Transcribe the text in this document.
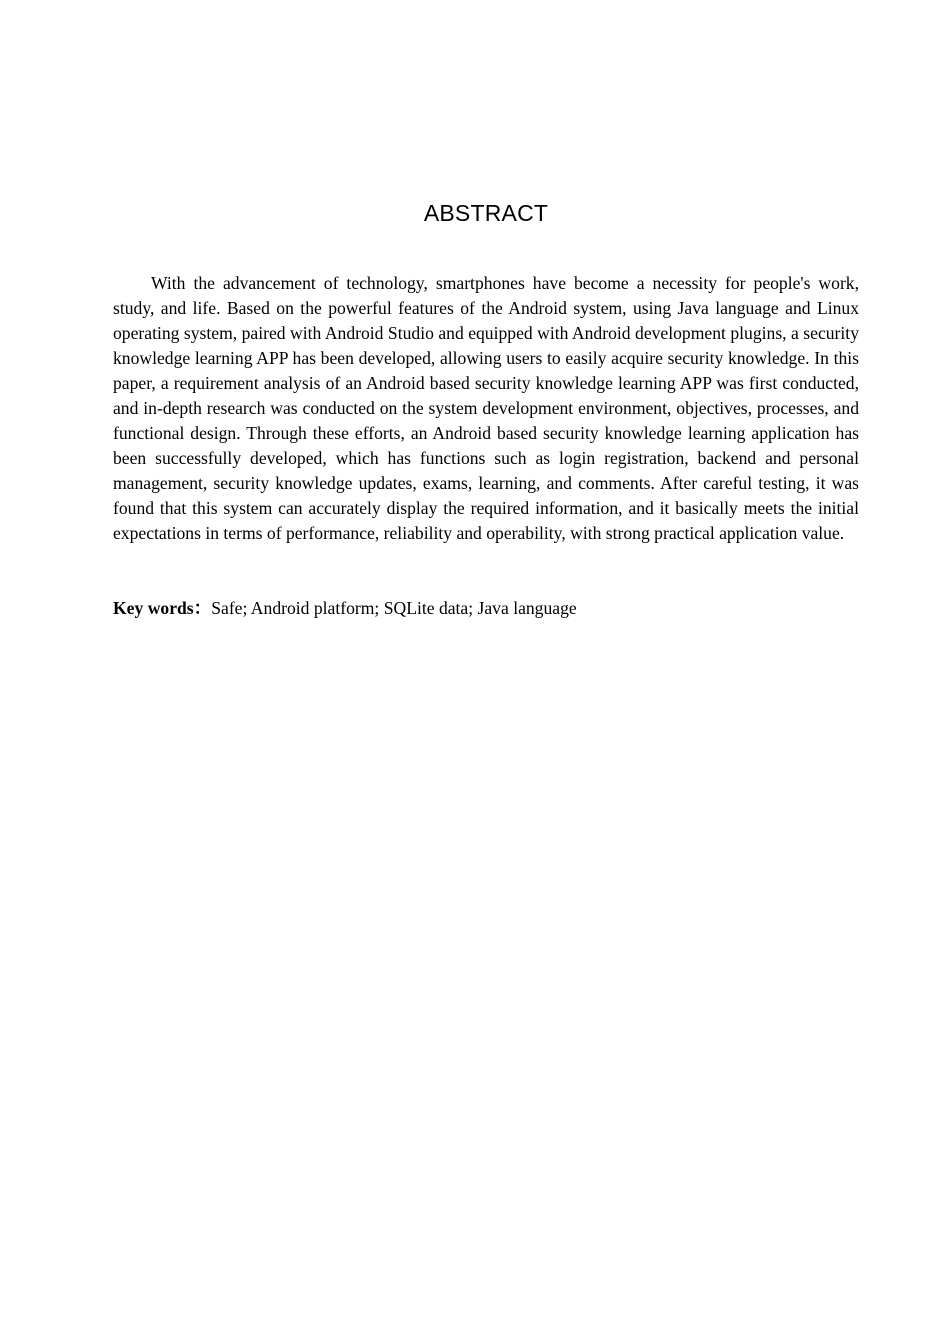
ABSTRACT

With the advancement of technology, smartphones have become a necessity for people's work, study, and life. Based on the powerful features of the Android system, using Java language and Linux operating system, paired with Android Studio and equipped with Android development plugins, a security knowledge learning APP has been developed, allowing users to easily acquire security knowledge. In this paper, a requirement analysis of an Android based security knowledge learning APP was first conducted, and in-depth research was conducted on the system development environment, objectives, processes, and functional design. Through these efforts, an Android based security knowledge learning application has been successfully developed, which has functions such as login registration, backend and personal management, security knowledge updates, exams, learning, and comments. After careful testing, it was found that this system can accurately display the required information, and it basically meets the initial expectations in terms of performance, reliability and operability, with strong practical application value.

Key words：Safe; Android platform; SQLite data; Java language
